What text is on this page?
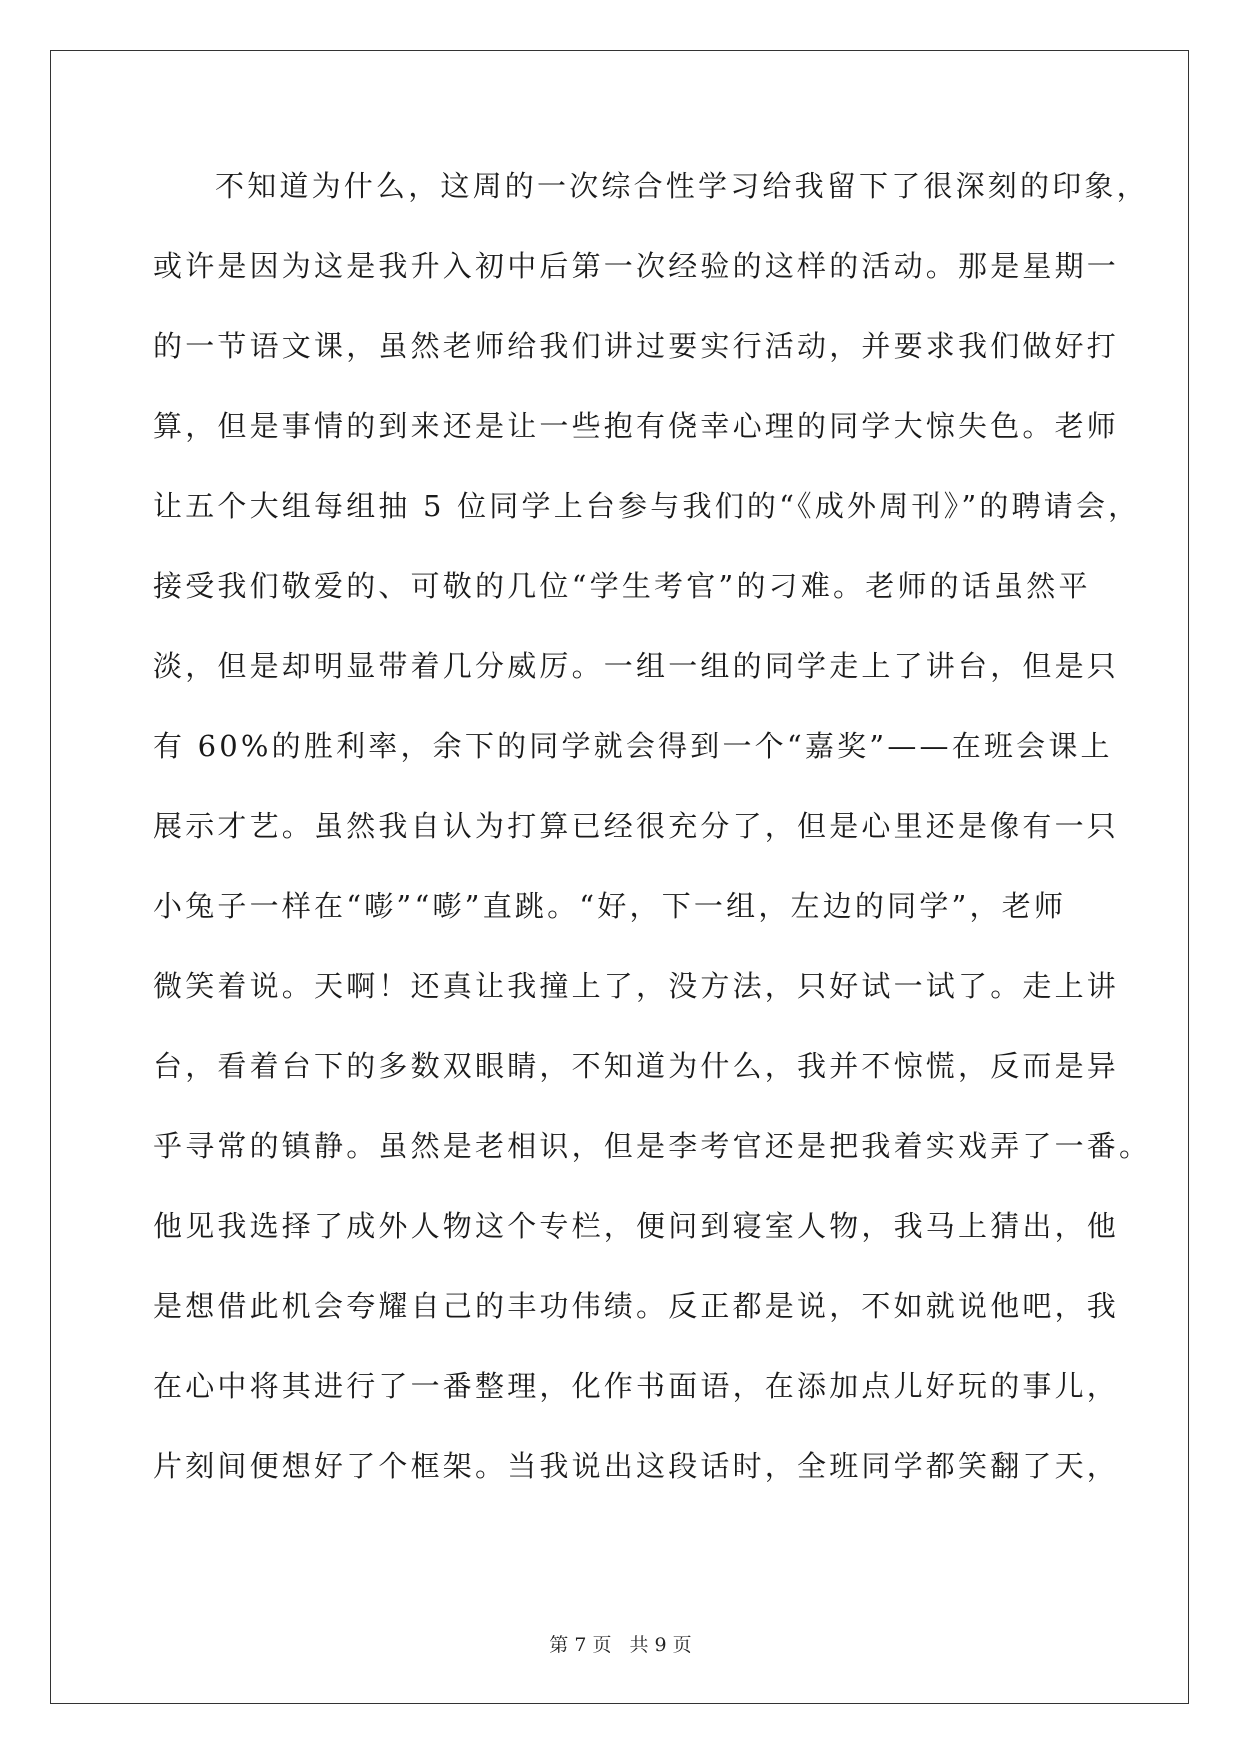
不知道为什么，这周的一次综合性学习给我留下了很深刻的印象，
或许是因为这是我升入初中后第一次经验的这样的活动。那是星期一
的一节语文课，虽然老师给我们讲过要实行活动，并要求我们做好打
算，但是事情的到来还是让一些抱有侥幸心理的同学大惊失色。老师
让五个大组每组抽 5 位同学上台参与我们的“《成外周刊》”的聘请会，
接受我们敬爱的、可敬的几位“学生考官”的刁难。老师的话虽然平
淡，但是却明显带着几分威厉。一组一组的同学走上了讲台，但是只
有 60%的胜利率，余下的同学就会得到一个“嘉奖”——在班会课上
展示才艺。虽然我自认为打算已经很充分了，但是心里还是像有一只
小兔子一样在“嘭”“嘭”直跳。“好，下一组，左边的同学”，老师
微笑着说。天啊！还真让我撞上了，没方法，只好试一试了。走上讲
台，看着台下的多数双眼睛，不知道为什么，我并不惊慌，反而是异
乎寻常的镇静。虽然是老相识，但是李考官还是把我着实戏弄了一番。
他见我选择了成外人物这个专栏，便问到寝室人物，我马上猜出，他
是想借此机会夸耀自己的丰功伟绩。反正都是说，不如就说他吧，我
在心中将其进行了一番整理，化作书面语，在添加点儿好玩的事儿，
片刻间便想好了个框架。当我说出这段话时，全班同学都笑翻了天，
第 7 页 共 9 页
